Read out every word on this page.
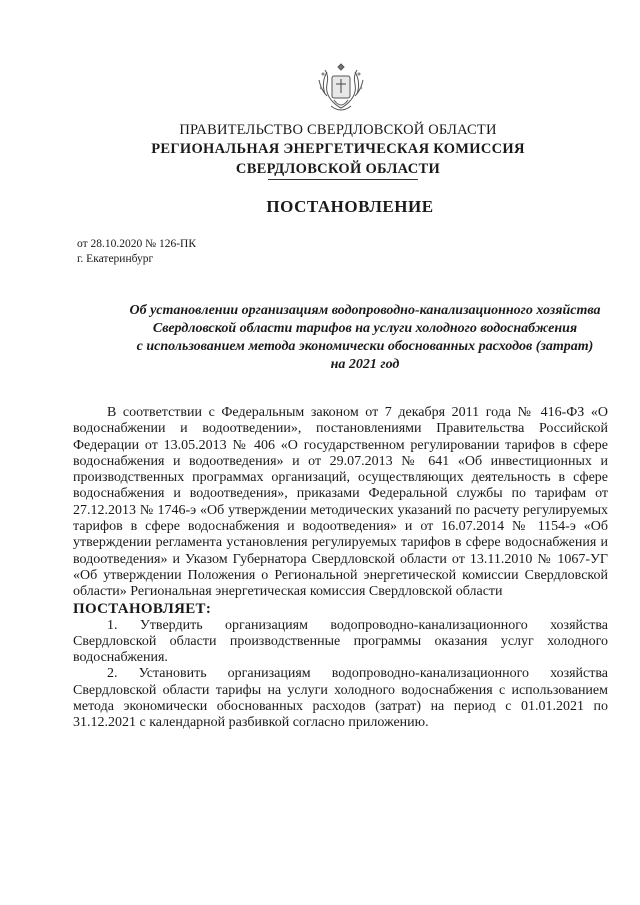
ПРАВИТЕЛЬСТВО СВЕРДЛОВСКОЙ ОБЛАСТИ
РЕГИОНАЛЬНАЯ ЭНЕРГЕТИЧЕСКАЯ КОМИССИЯ
СВЕРДЛОВСКОЙ ОБЛАСТИ
ПОСТАНОВЛЕНИЕ
от 28.10.2020 № 126-ПК
г. Екатеринбург
Об установлении организациям водопроводно-канализационного хозяйства
Свердловской области тарифов на услуги холодного водоснабжения
с использованием метода экономически обоснованных расходов (затрат)
на 2021 год

В соответствии с Федеральным законом от 7 декабря 2011 года № 416-ФЗ «О водоснабжении и водоотведении», постановлениями Правительства Российской Федерации от 13.05.2013 № 406 «О государственном регулировании тарифов в сфере водоснабжения и водоотведения» и от 29.07.2013 № 641 «Об инвестиционных и производственных программах организаций, осуществляющих деятельность в сфере водоснабжения и водоотведения», приказами Федеральной службы по тарифам от 27.12.2013 № 1746-э «Об утверждении методических указаний по расчету регулируемых тарифов в сфере водоснабжения и водоотведения» и от 16.07.2014 № 1154-э «Об утверждении регламента установления регулируемых тарифов в сфере водоснабжения и водоотведения» и Указом Губернатора Свердловской области от 13.11.2010 № 1067-УГ «Об утверждении Положения о Региональной энергетической комиссии Свердловской области» Региональная энергетическая комиссия Свердловской области

ПОСТАНОВЛЯЕТ:

1. Утвердить организациям водопроводно-канализационного хозяйства Свердловской области производственные программы оказания услуг холодного водоснабжения.

2. Установить организациям водопроводно-канализационного хозяйства Свердловской области тарифы на услуги холодного водоснабжения с использованием метода экономически обоснованных расходов (затрат) на период с 01.01.2021 по 31.12.2021 с календарной разбивкой согласно приложению.
